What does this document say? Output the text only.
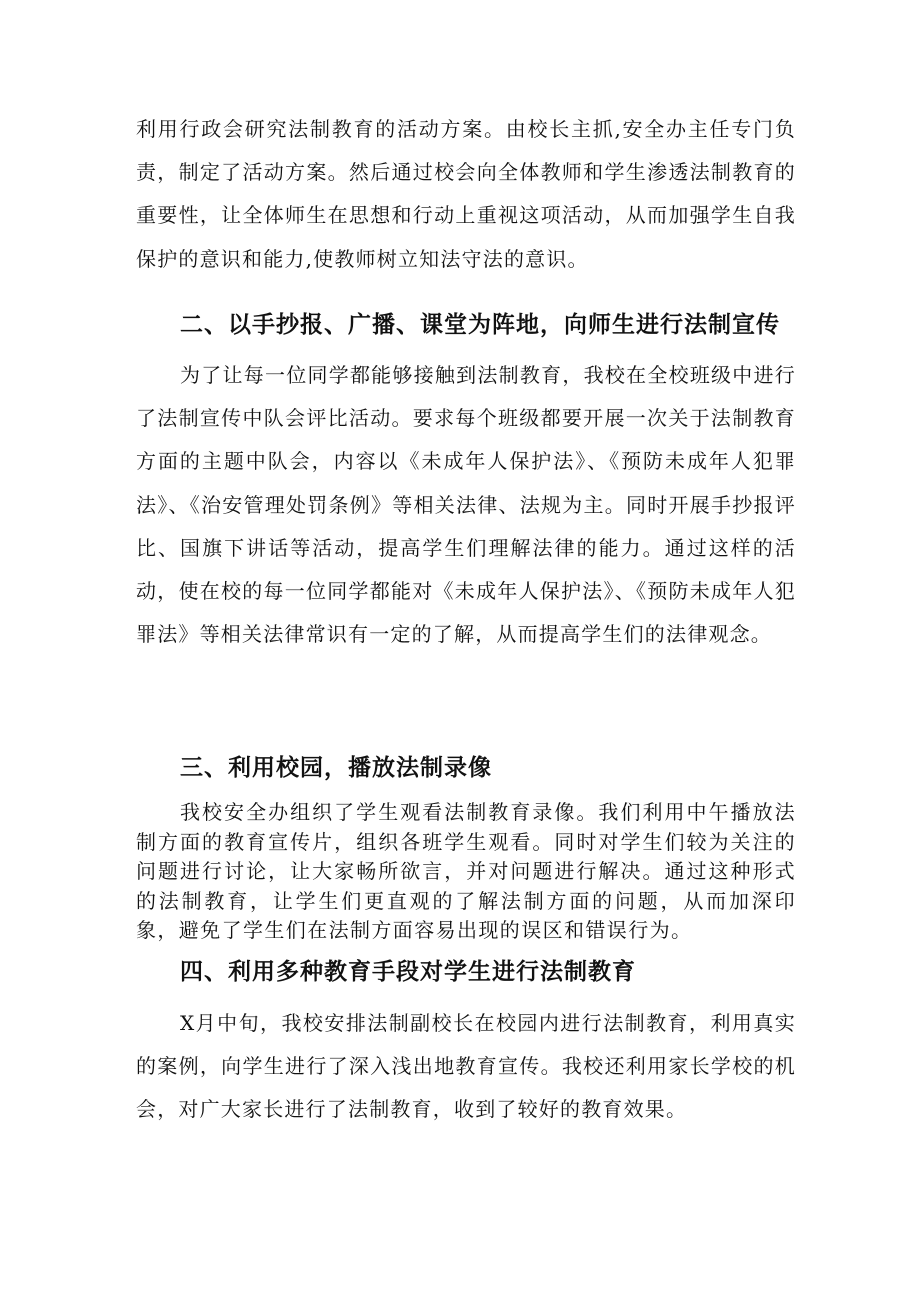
利用行政会研究法制教育的活动方案。由校长主抓,安全办主任专门负责，制定了活动方案。然后通过校会向全体教师和学生渗透法制教育的重要性，让全体师生在思想和行动上重视这项活动，从而加强学生自我保护的意识和能力,使教师树立知法守法的意识。

二、以手抄报、广播、课堂为阵地，向师生进行法制宣传

为了让每一位同学都能够接触到法制教育，我校在全校班级中进行了法制宣传中队会评比活动。要求每个班级都要开展一次关于法制教育方面的主题中队会，内容以《未成年人保护法》、《预防未成年人犯罪法》、《治安管理处罚条例》等相关法律、法规为主。同时开展手抄报评比、国旗下讲话等活动，提高学生们理解法律的能力。通过这样的活动，使在校的每一位同学都能对《未成年人保护法》、《预防未成年人犯罪法》等相关法律常识有一定的了解，从而提高学生们的法律观念。

三、利用校园，播放法制录像

我校安全办组织了学生观看法制教育录像。我们利用中午播放法制方面的教育宣传片，组织各班学生观看。同时对学生们较为关注的问题进行讨论，让大家畅所欲言，并对问题进行解决。通过这种形式的法制教育，让学生们更直观的了解法制方面的问题，从而加深印象，避免了学生们在法制方面容易出现的误区和错误行为。

四、利用多种教育手段对学生进行法制教育

X月中旬，我校安排法制副校长在校园内进行法制教育，利用真实的案例，向学生进行了深入浅出地教育宣传。我校还利用家长学校的机会，对广大家长进行了法制教育，收到了较好的教育效果。
